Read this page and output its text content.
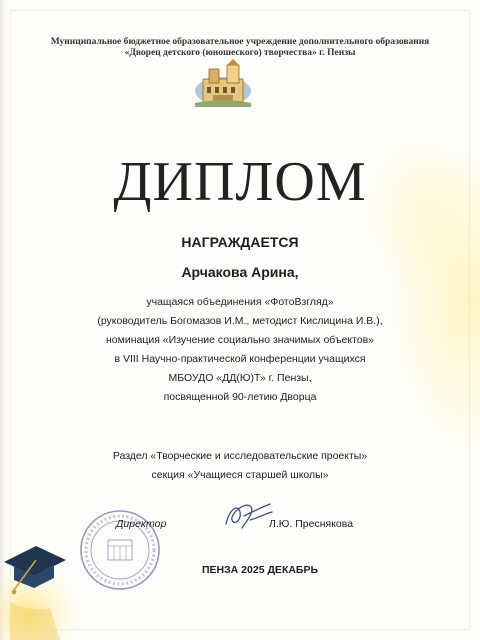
Муниципальное бюджетное образовательное учреждение дополнительного образования
«Дворец детского (юношеского) творчества» г. Пензы
ДИПЛОМ
НАГРАЖДАЕТСЯ
Арчакова Арина,
учащаяся объединения «ФотоВзгляд»
(руководитель Богомазов И.М., методист Кислицина И.В.),
номинация «Изучение социально значимых объектов»
в VIII Научно-практической конференции учащихся
МБОУДО «ДД(Ю)Т» г. Пензы,
посвященной 90-летию Дворца
Раздел «Творческие и исследовательские проекты»
секция «Учащиеся старшей школы»
Директор	Л.Ю. Преснякова
ПЕНЗА 2025 ДЕКАБРЬ
